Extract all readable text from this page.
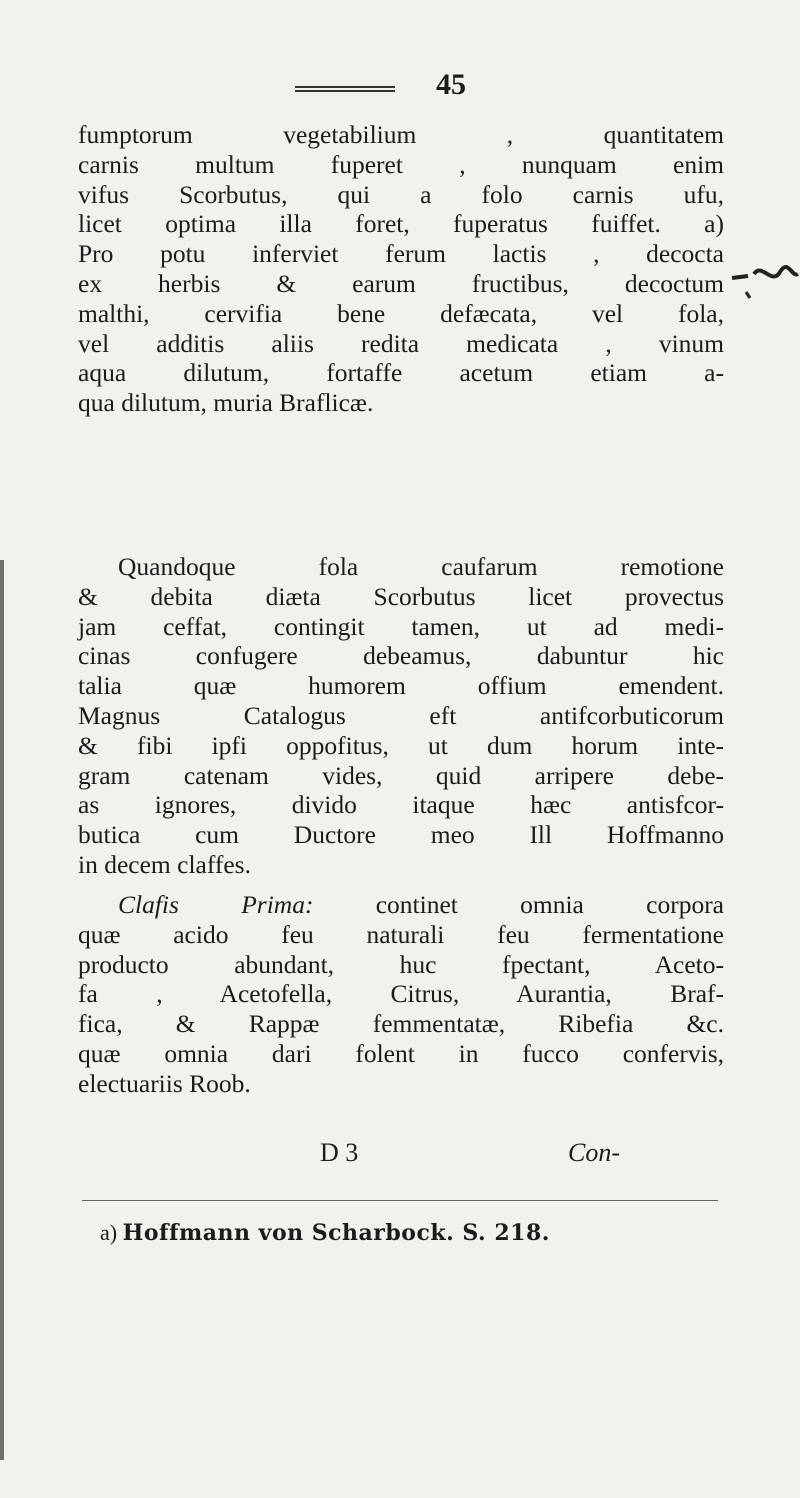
45
fumptorum vegetabilium , quantitatem
carnis multum fuperet , nunquam enim
vifus Scorbutus, qui a folo carnis ufu,
licet optima illa foret, fuperatus fuiffet. a)
Pro potu inferviet ferum lactis , decocta
ex herbis & earum fructibus, decoctum
malthi, cervifia bene defæcata, vel fola,
vel additis aliis redita medicata , vinum
aqua dilutum, fortaffe acetum etiam a-
qua dilutum, muria Braflicæ.
Quandoque fola caufarum remotione
& debita diæta Scorbutus licet provectus
jam ceffat, contingit tamen, ut ad medi-
cinas confugere debeamus, dabuntur hic
talia quæ humorem offium emendent.
Magnus Catalogus eft antifcorbuticorum
& fibi ipfi oppofitus, ut dum horum inte-
gram catenam vides, quid arripere debe-
as ignores, divido itaque hæc antisfcor-
butica cum Ductore meo Ill Hoffmanno
in decem claffes.
Clafis Prima: continet omnia corpora
quæ acido feu naturali feu fermentatione
producto abundant, huc fpectant, Aceto-
fa , Acetofella, Citrus, Aurantia, Braf-
fica, & Rappæ femmentatæ, Ribefia &c.
quæ omnia dari folent in fucco confervis,
electuariis Roob.
D 3	Con-
a) Hoffmann von Scharbock. S. 218.
